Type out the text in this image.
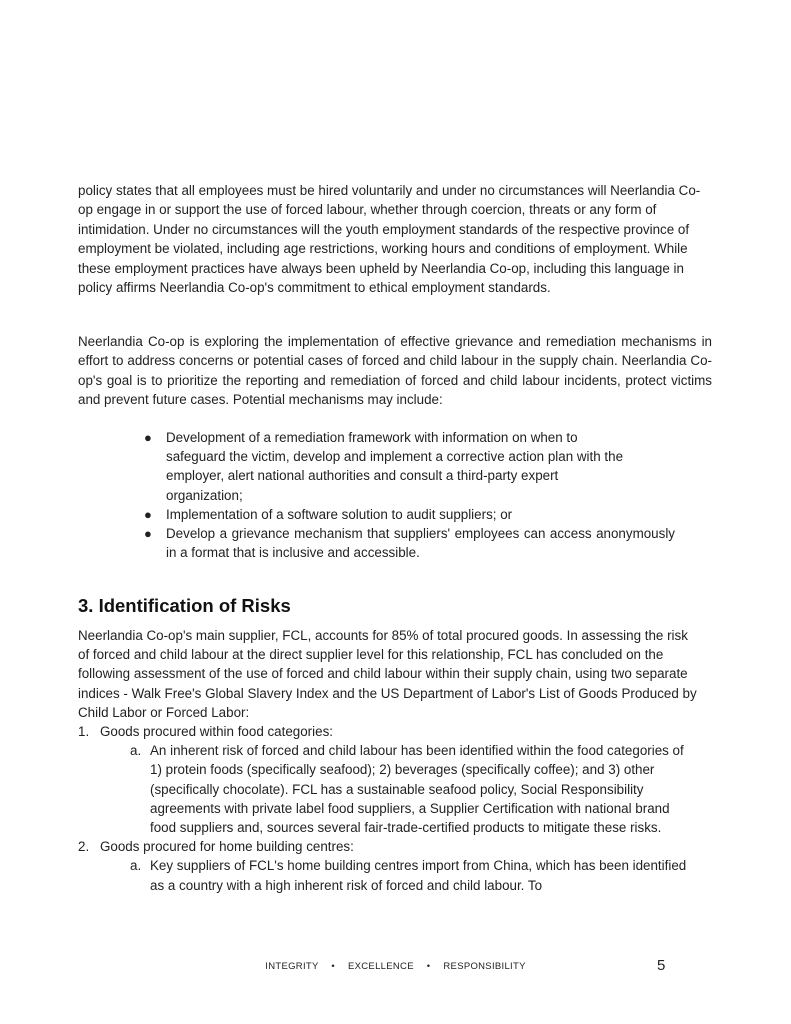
policy states that all employees must be hired voluntarily and under no circumstances will Neerlandia Co-op engage in or support the use of forced labour, whether through coercion, threats or any form of intimidation. Under no circumstances will the youth employment standards of the respective province of employment be violated, including age restrictions, working hours and conditions of employment. While these employment practices have always been upheld by Neerlandia Co-op, including this language in policy affirms Neerlandia Co-op's commitment to ethical employment standards.

Neerlandia Co-op is exploring the implementation of effective grievance and remediation mechanisms in effort to address concerns or potential cases of forced and child labour in the supply chain. Neerlandia Co-op's goal is to prioritize the reporting and remediation of forced and child labour incidents, protect victims and prevent future cases. Potential mechanisms may include:

● Development of a remediation framework with information on when to safeguard the victim, develop and implement a corrective action plan with the employer, alert national authorities and consult a third-party expert organization;
● Implementation of a software solution to audit suppliers; or
● Develop a grievance mechanism that suppliers' employees can access anonymously in a format that is inclusive and accessible.
3. Identification of Risks

Neerlandia Co-op's main supplier, FCL, accounts for 85% of total procured goods. In assessing the risk of forced and child labour at the direct supplier level for this relationship, FCL has concluded on the following assessment of the use of forced and child labour within their supply chain, using two separate indices - Walk Free's Global Slavery Index and the US Department of Labor's List of Goods Produced by Child Labor or Forced Labor:

1. Goods procured within food categories:
a. An inherent risk of forced and child labour has been identified within the food categories of 1) protein foods (specifically seafood); 2) beverages (specifically coffee); and 3) other (specifically chocolate). FCL has a sustainable seafood policy, Social Responsibility agreements with private label food suppliers, a Supplier Certification with national brand food suppliers and, sources several fair-trade-certified products to mitigate these risks.
2. Goods procured for home building centres:
a. Key suppliers of FCL's home building centres import from China, which has been identified as a country with a high inherent risk of forced and child labour. To
INTEGRITY • EXCELLENCE • RESPONSIBILITY	5
